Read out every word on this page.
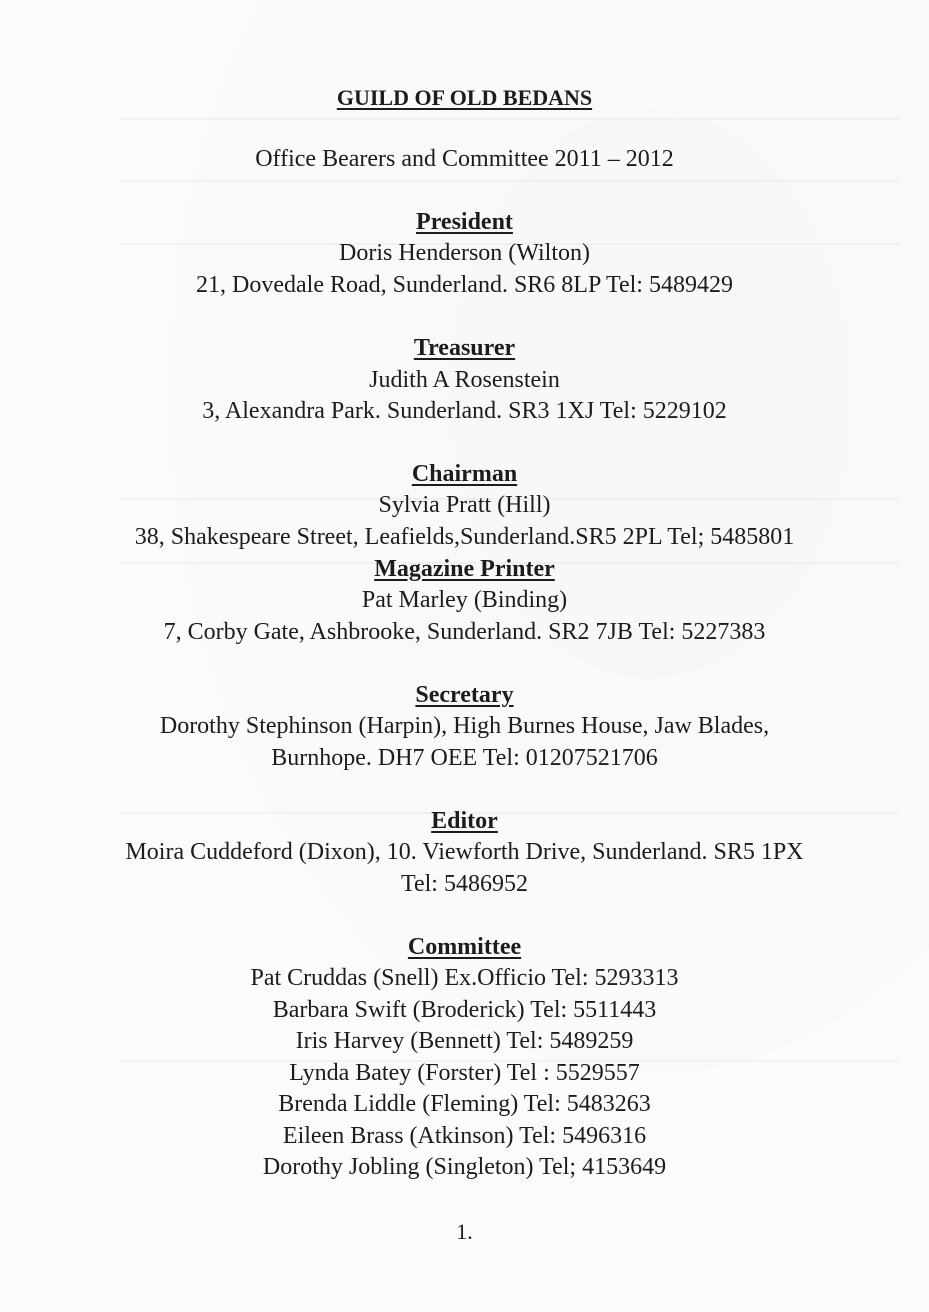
GUILD OF OLD BEDANS
Office Bearers and Committee 2011 – 2012
President
Doris Henderson (Wilton)
21, Dovedale Road, Sunderland. SR6 8LP Tel: 5489429
Treasurer
Judith A Rosenstein
3, Alexandra Park. Sunderland. SR3 1XJ Tel: 5229102
Chairman
Sylvia Pratt (Hill)
38, Shakespeare Street, Leafields,Sunderland.SR5 2PL Tel; 5485801
Magazine Printer
Pat Marley (Binding)
7, Corby Gate, Ashbrooke, Sunderland. SR2 7JB Tel: 5227383
Secretary
Dorothy Stephinson (Harpin), High Burnes House, Jaw Blades,
Burnhope. DH7 OEE Tel: 01207521706
Editor
Moira Cuddeford (Dixon), 10. Viewforth Drive, Sunderland. SR5 1PX
Tel: 5486952
Committee
Pat Cruddas (Snell) Ex.Officio Tel: 5293313
Barbara Swift (Broderick) Tel: 5511443
Iris Harvey (Bennett) Tel: 5489259
Lynda Batey (Forster) Tel : 5529557
Brenda Liddle (Fleming) Tel: 5483263
Eileen Brass (Atkinson) Tel: 5496316
Dorothy Jobling (Singleton) Tel; 4153649
1.
